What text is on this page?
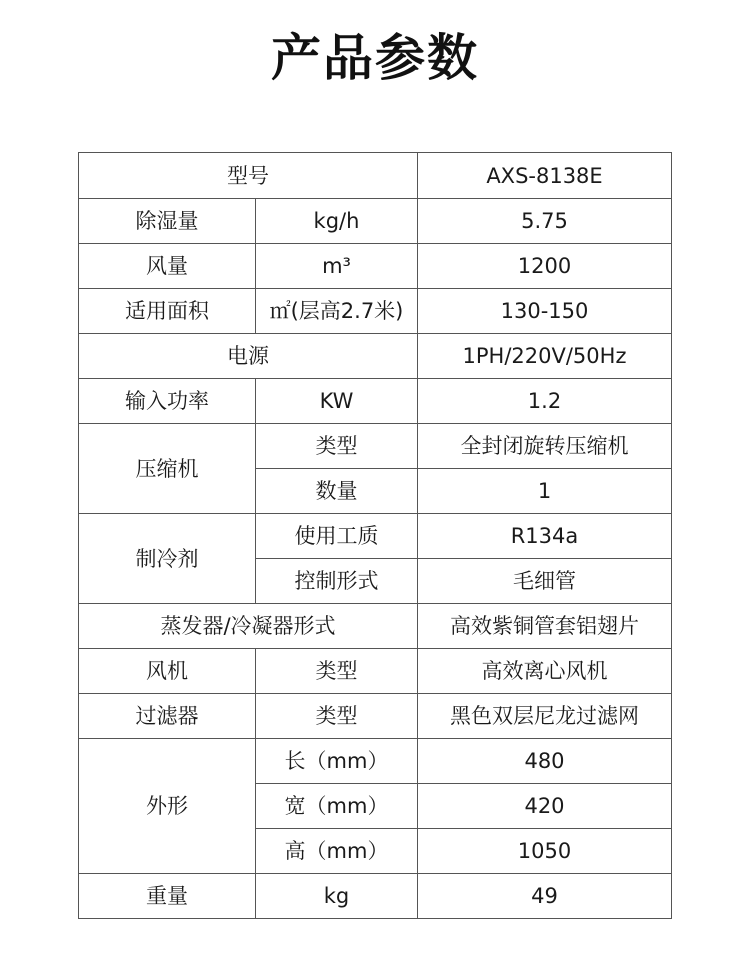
产品参数
型号		AXS-8138E
除湿量	kg/h	5.75
风量	m³	1200
适用面积	㎡(层高2.7米)	130-150
电源		1PH/220V/50Hz
输入功率	KW	1.2
压缩机	类型	全封闭旋转压缩机
	数量	1
制冷剂	使用工质	R134a
	控制形式	毛细管
蒸发器/冷凝器形式		高效紫铜管套铝翅片
风机	类型	高效离心风机
过滤器	类型	黑色双层尼龙过滤网
外形	长（mm）	480
	宽（mm）	420
	高（mm）	1050
重量	kg	49
